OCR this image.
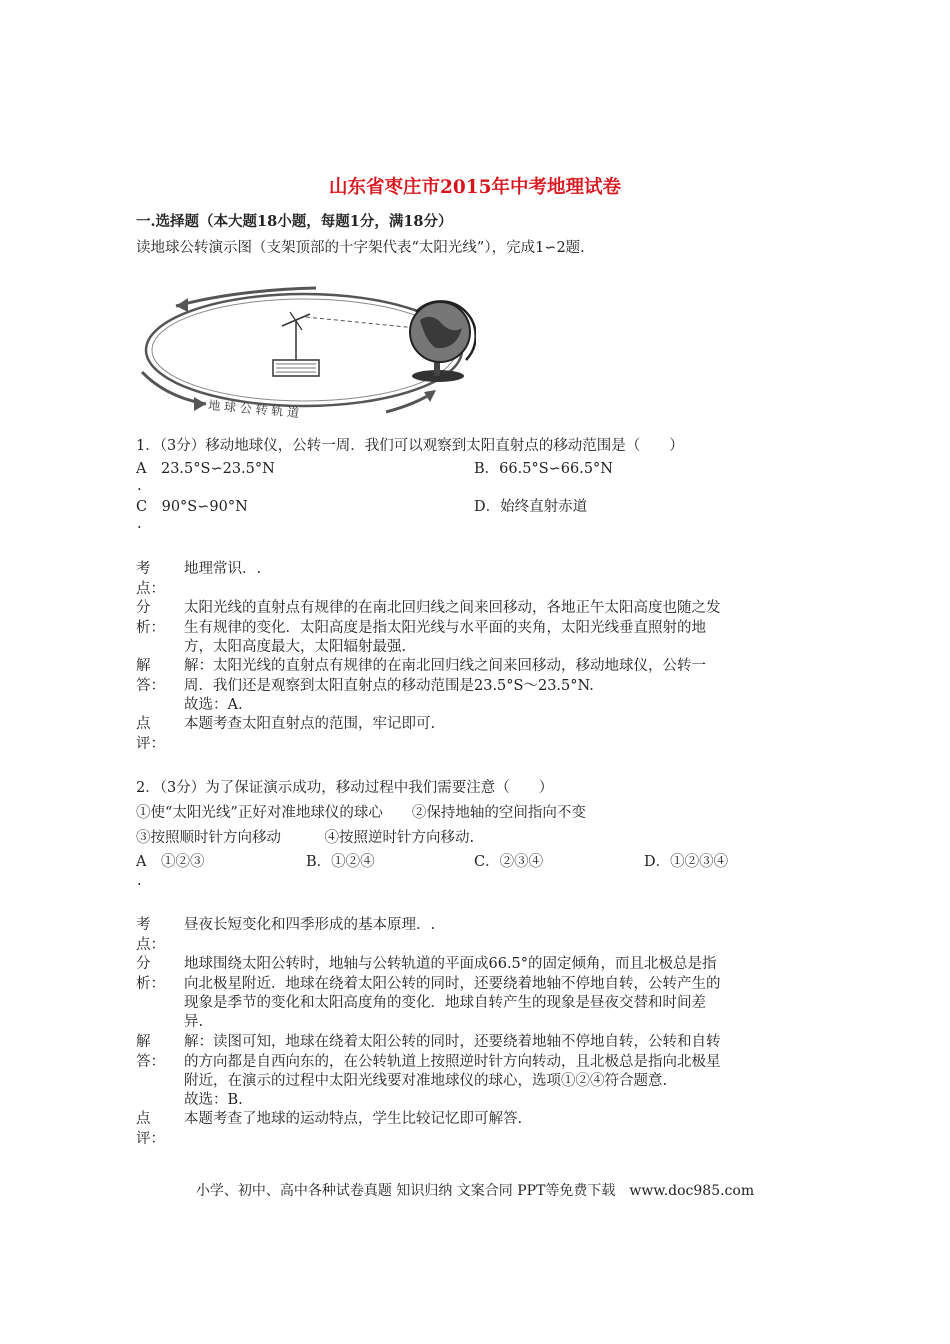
山东省枣庄市2015年中考地理试卷
一.选择题（本大题18小题，每题1分，满18分）
读地球公转演示图（支架顶部的十字架代表“太阳光线”），完成1∽2题.
地 球 公 转 轨 道
1．（3分）移动地球仪，公转一周．我们可以观察到太阳直射点的移动范围是（　　）
A　23.5°S∽23.5°N
.
B．66.5°S∽66.5°N
C　90°S∽90°N
.
D．始终直射赤道
考
点：
地理常识．.
分
析：
太阳光线的直射点有规律的在南北回归线之间来回移动，各地正午太阳高度也随之发
生有规律的变化．太阳高度是指太阳光线与水平面的夹角，太阳光线垂直照射的地
方，太阳高度最大，太阳辐射最强.
解
答：
解：太阳光线的直射点有规律的在南北回归线之间来回移动，移动地球仪，公转一
周．我们还是观察到太阳直射点的移动范围是23.5°S～23.5°N.
故选：A.
点
评：
本题考查太阳直射点的范围，牢记即可.
2．（3分）为了保证演示成功，移动过程中我们需要注意（　　）
①使“太阳光线”正好对准地球仪的球心　　②保持地轴的空间指向不变
③按照顺时针方向移动　　　④按照逆时针方向移动.
A　①②③
.
B．①②④	C．②③④	D．①②③④
考
点：
昼夜长短变化和四季形成的基本原理．.
分
析：
地球围绕太阳公转时，地轴与公转轨道的平面成66.5°的固定倾角，而且北极总是指
向北极星附近．地球在绕着太阳公转的同时，还要绕着地轴不停地自转，公转产生的
现象是季节的变化和太阳高度角的变化．地球自转产生的现象是昼夜交替和时间差
异.
解
答：
解：读图可知，地球在绕着太阳公转的同时，还要绕着地轴不停地自转，公转和自转
的方向都是自西向东的，在公转轨道上按照逆时针方向转动，且北极总是指向北极星
附近，在演示的过程中太阳光线要对准地球仪的球心，选项①②④符合题意.
故选：B.
点
评：
本题考查了地球的运动特点，学生比较记忆即可解答.
小学、初中、高中各种试卷真题 知识归纳 文案合同 PPT等免费下载　www.doc985.com
